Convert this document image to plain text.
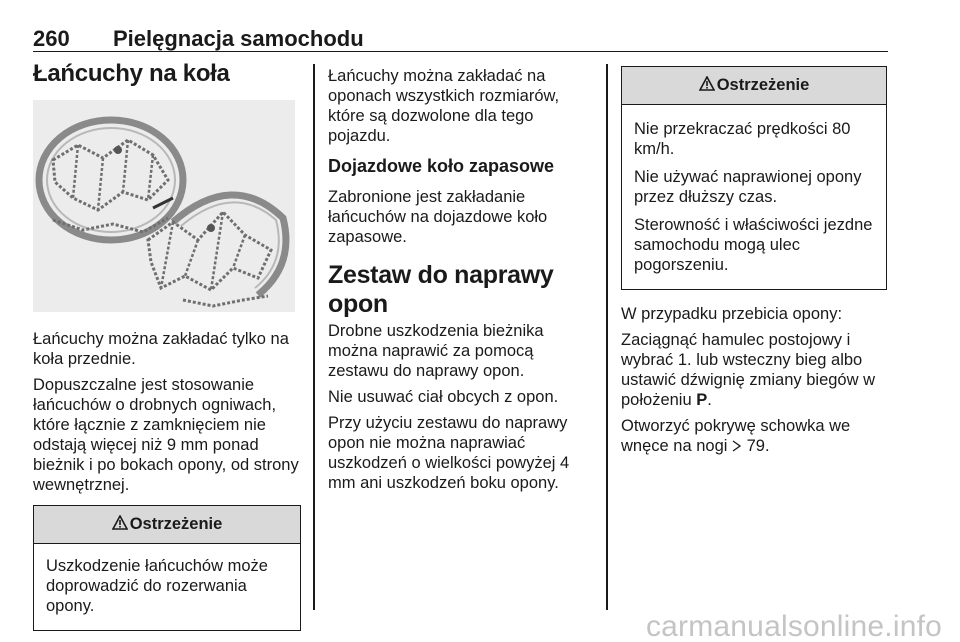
260 Pielęgnacja samochodu
Łańcuchy na koła

Łańcuchy można zakładać tylko na koła przednie.

Dopuszczalne jest stosowanie łańcuchów o drobnych ogniwach, które łącznie z zamknięciem nie odstają więcej niż 9 mm ponad bieżnik i po bokach opony, od strony wewnętrznej.

Ostrzeżenie

Uszkodzenie łańcuchów może doprowadzić do rozerwania opony.

Łańcuchy można zakładać na oponach wszystkich rozmiarów, które są dozwolone dla tego pojazdu.

Dojazdowe koło zapasowe

Zabronione jest zakładanie łańcuchów na dojazdowe koło zapasowe.

Zestaw do naprawy opon

Drobne uszkodzenia bieżnika można naprawić za pomocą zestawu do naprawy opon.

Nie usuwać ciał obcych z opon.

Przy użyciu zestawu do naprawy opon nie można naprawiać uszkodzeń o wielkości powyżej 4 mm ani uszkodzeń boku opony.

Ostrzeżenie

Nie przekraczać prędkości 80 km/h.

Nie używać naprawionej opony przez dłuższy czas.

Sterowność i właściwości jezdne samochodu mogą ulec pogorszeniu.

W przypadku przebicia opony:

Zaciągnąć hamulec postojowy i wybrać 1. lub wsteczny bieg albo ustawić dźwignię zmiany biegów w położeniu P.

Otworzyć pokrywę schowka we wnęce na nogi  79.

carmanualsonline.info
